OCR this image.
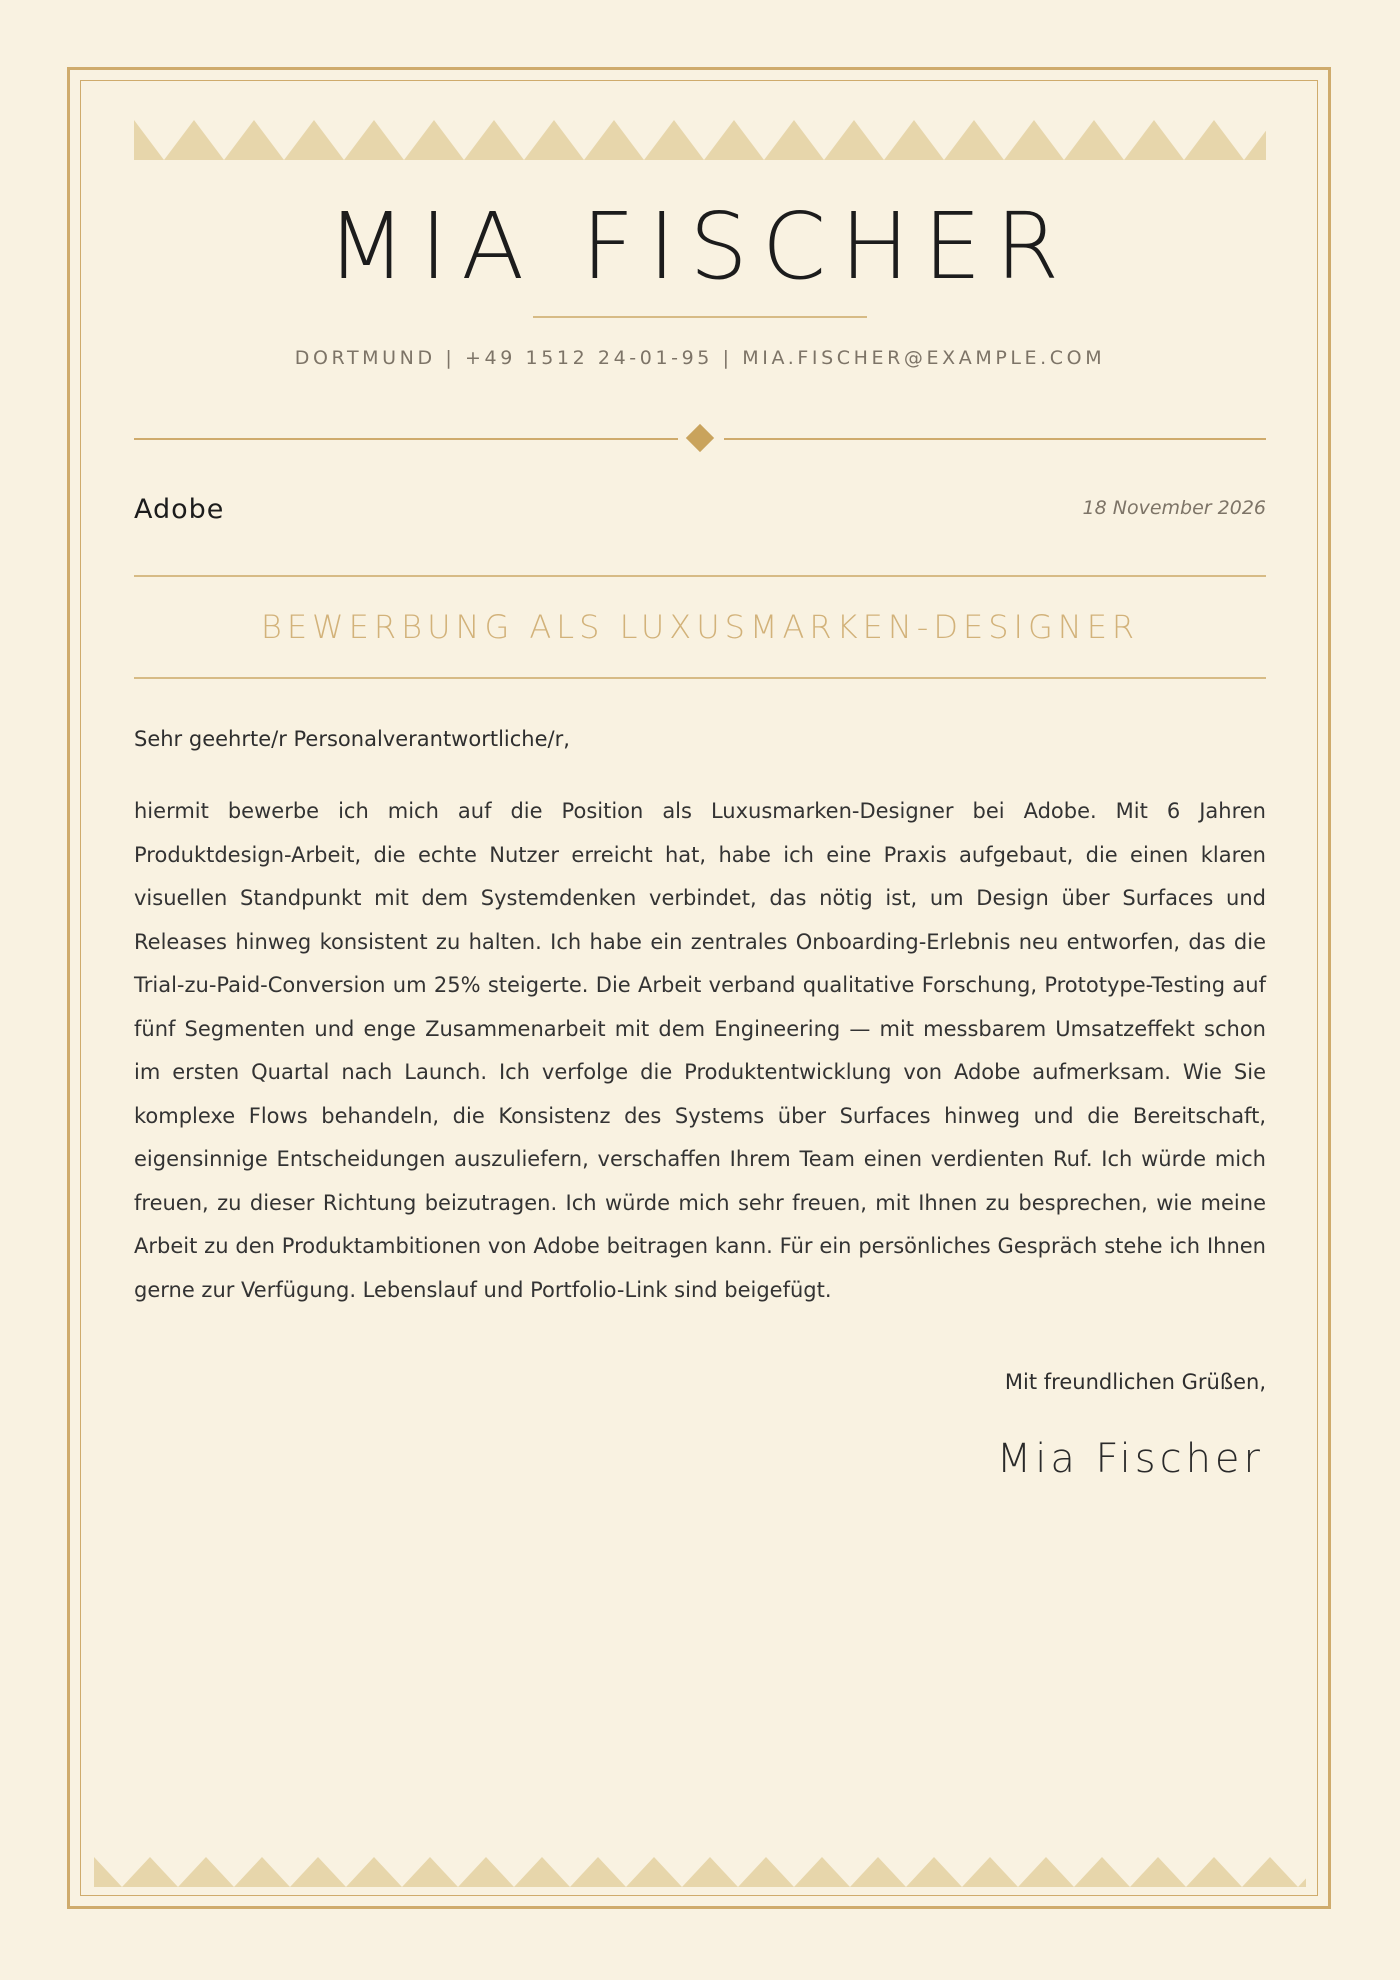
MIA FISCHER
DORTMUND | +49 1512 24-01-95 | MIA.FISCHER@EXAMPLE.COM
Adobe	18 November 2026
BEWERBUNG ALS LUXUSMARKEN-DESIGNER
Sehr geehrte/r Personalverantwortliche/r,

hiermit bewerbe ich mich auf die Position als Luxusmarken-Designer bei Adobe. Mit 6 Jahren Produktdesign-Arbeit, die echte Nutzer erreicht hat, habe ich eine Praxis aufgebaut, die einen klaren visuellen Standpunkt mit dem Systemdenken verbindet, das nötig ist, um Design über Surfaces und Releases hinweg konsistent zu halten. Ich habe ein zentrales Onboarding-Erlebnis neu entworfen, das die Trial-zu-Paid-Conversion um 25% steigerte. Die Arbeit verband qualitative Forschung, Prototype-Testing auf fünf Segmenten und enge Zusammenarbeit mit dem Engineering — mit messbarem Umsatzeffekt schon im ersten Quartal nach Launch. Ich verfolge die Produktentwicklung von Adobe aufmerksam. Wie Sie komplexe Flows behandeln, die Konsistenz des Systems über Surfaces hinweg und die Bereitschaft, eigensinnige Entscheidungen auszuliefern, verschaffen Ihrem Team einen verdienten Ruf. Ich würde mich freuen, zu dieser Richtung beizutragen. Ich würde mich sehr freuen, mit Ihnen zu besprechen, wie meine Arbeit zu den Produktambitionen von Adobe beitragen kann. Für ein persönliches Gespräch stehe ich Ihnen gerne zur Verfügung. Lebenslauf und Portfolio-Link sind beigefügt.

Mit freundlichen Grüßen,
Mia Fischer
